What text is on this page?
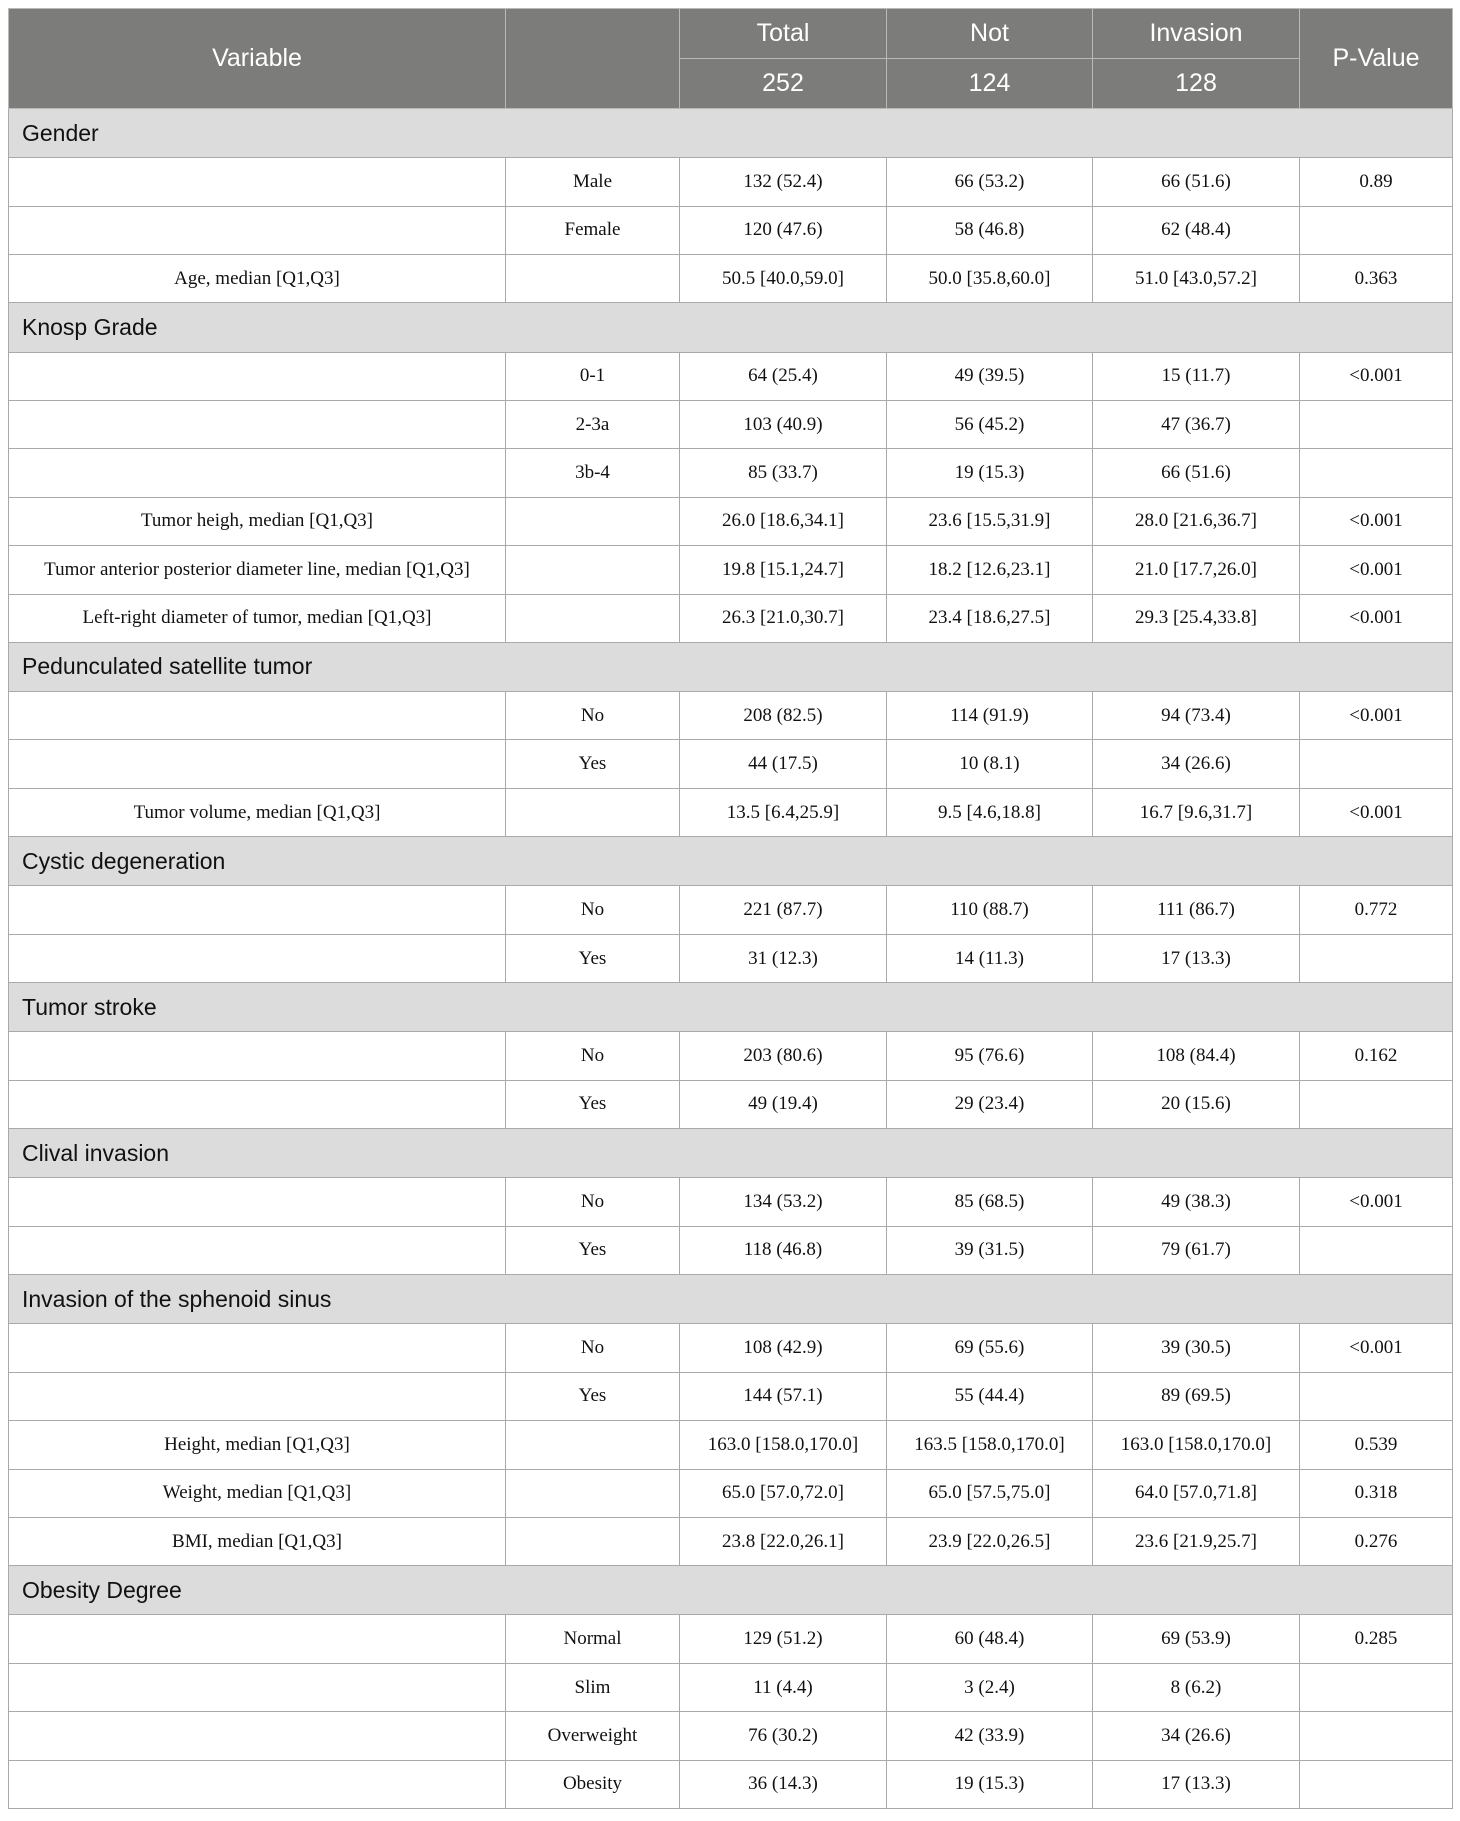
Variable		Total	Not	Invasion	P-Value
		252	124	128	
Gender					
	Male	132 (52.4)	66 (53.2)	66 (51.6)	0.89
	Female	120 (47.6)	58 (46.8)	62 (48.4)	
Age, median [Q1,Q3]		50.5 [40.0,59.0]	50.0 [35.8,60.0]	51.0 [43.0,57.2]	0.363
Knosp Grade					
	0-1	64 (25.4)	49 (39.5)	15 (11.7)	<0.001
	2-3a	103 (40.9)	56 (45.2)	47 (36.7)	
	3b-4	85 (33.7)	19 (15.3)	66 (51.6)	
Tumor heigh, median [Q1,Q3]		26.0 [18.6,34.1]	23.6 [15.5,31.9]	28.0 [21.6,36.7]	<0.001
Tumor anterior posterior diameter line, median [Q1,Q3]		19.8 [15.1,24.7]	18.2 [12.6,23.1]	21.0 [17.7,26.0]	<0.001
Left-right diameter of tumor, median [Q1,Q3]		26.3 [21.0,30.7]	23.4 [18.6,27.5]	29.3 [25.4,33.8]	<0.001
Pedunculated satellite tumor					
	No	208 (82.5)	114 (91.9)	94 (73.4)	<0.001
	Yes	44 (17.5)	10 (8.1)	34 (26.6)	
Tumor volume, median [Q1,Q3]		13.5 [6.4,25.9]	9.5 [4.6,18.8]	16.7 [9.6,31.7]	<0.001
Cystic degeneration					
	No	221 (87.7)	110 (88.7)	111 (86.7)	0.772
	Yes	31 (12.3)	14 (11.3)	17 (13.3)	
Tumor stroke					
	No	203 (80.6)	95 (76.6)	108 (84.4)	0.162
	Yes	49 (19.4)	29 (23.4)	20 (15.6)	
Clival invasion					
	No	134 (53.2)	85 (68.5)	49 (38.3)	<0.001
	Yes	118 (46.8)	39 (31.5)	79 (61.7)	
Invasion of the sphenoid sinus					
	No	108 (42.9)	69 (55.6)	39 (30.5)	<0.001
	Yes	144 (57.1)	55 (44.4)	89 (69.5)	
Height, median [Q1,Q3]		163.0 [158.0,170.0]	163.5 [158.0,170.0]	163.0 [158.0,170.0]	0.539
Weight, median [Q1,Q3]		65.0 [57.0,72.0]	65.0 [57.5,75.0]	64.0 [57.0,71.8]	0.318
BMI, median [Q1,Q3]		23.8 [22.0,26.1]	23.9 [22.0,26.5]	23.6 [21.9,25.7]	0.276
Obesity Degree					
	Normal	129 (51.2)	60 (48.4)	69 (53.9)	0.285
	Slim	11 (4.4)	3 (2.4)	8 (6.2)	
	Overweight	76 (30.2)	42 (33.9)	34 (26.6)	
	Obesity	36 (14.3)	19 (15.3)	17 (13.3)	
